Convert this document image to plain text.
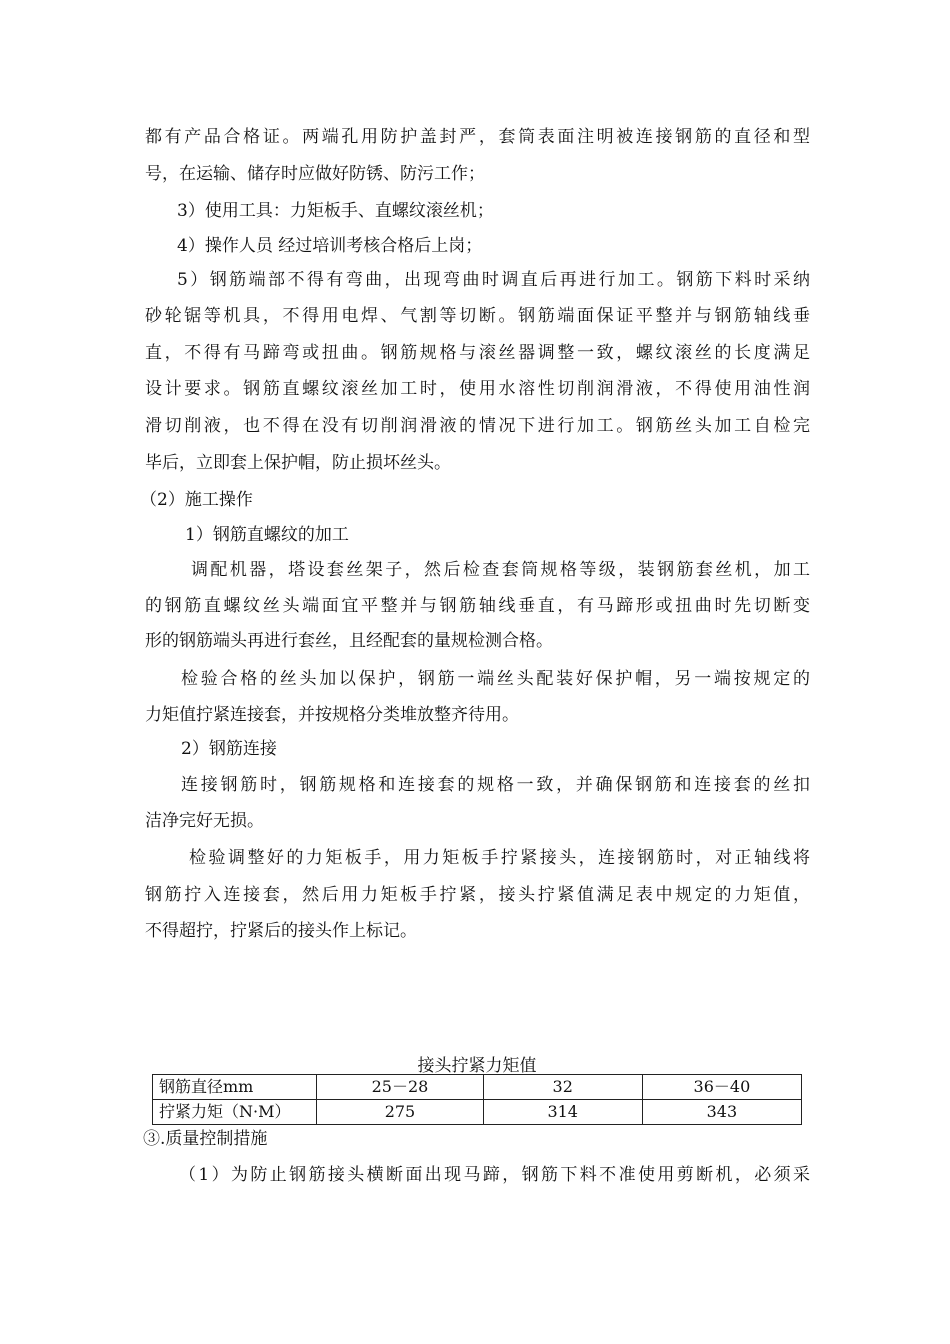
都有产品合格证。两端孔用防护盖封严，套筒表面注明被连接钢筋的直径和型
号，在运输、储存时应做好防锈、防污工作；
3）使用工具：力矩板手、直螺纹滚丝机；
4）操作人员 经过培训考核合格后上岗；
5）钢筋端部不得有弯曲，出现弯曲时调直后再进行加工。钢筋下料时采纳
砂轮锯等机具，不得用电焊、气割等切断。钢筋端面保证平整并与钢筋轴线垂
直，不得有马蹄弯或扭曲。钢筋规格与滚丝器调整一致，螺纹滚丝的长度满足
设计要求。钢筋直螺纹滚丝加工时，使用水溶性切削润滑液，不得使用油性润
滑切削液，也不得在没有切削润滑液的情况下进行加工。钢筋丝头加工自检完
毕后，立即套上保护帽，防止损坏丝头。
（2）施工操作
1）钢筋直螺纹的加工
调配机器，塔设套丝架子，然后检查套筒规格等级，装钢筋套丝机，加工
的钢筋直螺纹丝头端面宜平整并与钢筋轴线垂直，有马蹄形或扭曲时先切断变
形的钢筋端头再进行套丝，且经配套的量规检测合格。
检验合格的丝头加以保护，钢筋一端丝头配装好保护帽，另一端按规定的
力矩值拧紧连接套，并按规格分类堆放整齐待用。
2）钢筋连接
连接钢筋时，钢筋规格和连接套的规格一致，并确保钢筋和连接套的丝扣
洁净完好无损。
检验调整好的力矩板手，用力矩板手拧紧接头，连接钢筋时，对正轴线将
钢筋拧入连接套，然后用力矩板手拧紧，接头拧紧值满足表中规定的力矩值，
不得超拧，拧紧后的接头作上标记。
接头拧紧力矩值
钢筋直径mm	25－28	32	36－40
拧紧力矩（N·M）	275	314	343
③.质量控制措施
（1）为防止钢筋接头横断面出现马蹄，钢筋下料不准使用剪断机，必须采
